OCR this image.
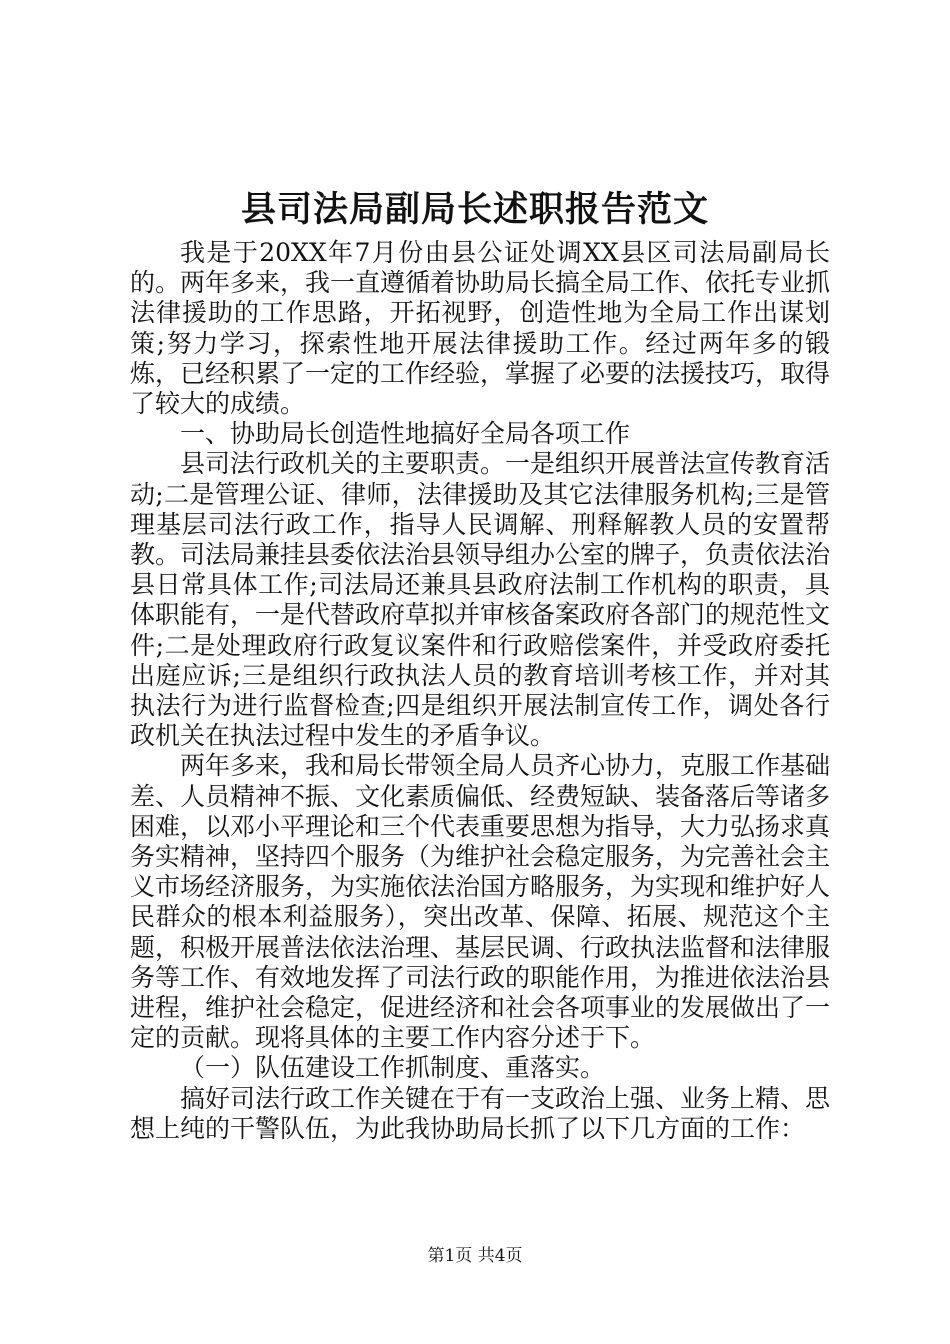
县司法局副局长述职报告范文

我是于20XX年7月份由县公证处调XX县区司法局副局长的。两年多来，我一直遵循着协助局长搞全局工作、依托专业抓法律援助的工作思路，开拓视野，创造性地为全局工作出谋划策;努力学习，探索性地开展法律援助工作。经过两年多的锻炼，已经积累了一定的工作经验，掌握了必要的法援技巧，取得了较大的成绩。

一、协助局长创造性地搞好全局各项工作

县司法行政机关的主要职责。一是组织开展普法宣传教育活动;二是管理公证、律师，法律援助及其它法律服务机构;三是管理基层司法行政工作，指导人民调解、刑释解教人员的安置帮教。司法局兼挂县委依法治县领导组办公室的牌子，负责依法治县日常具体工作;司法局还兼具县政府法制工作机构的职责，具体职能有，一是代替政府草拟并审核备案政府各部门的规范性文件;二是处理政府行政复议案件和行政赔偿案件，并受政府委托出庭应诉;三是组织行政执法人员的教育培训考核工作，并对其执法行为进行监督检查;四是组织开展法制宣传工作，调处各行政机关在执法过程中发生的矛盾争议。

两年多来，我和局长带领全局人员齐心协力，克服工作基础差、人员精神不振、文化素质偏低、经费短缺、装备落后等诸多困难，以邓小平理论和三个代表重要思想为指导，大力弘扬求真务实精神，坚持四个服务（为维护社会稳定服务，为完善社会主义市场经济服务，为实施依法治国方略服务，为实现和维护好人民群众的根本利益服务），突出改革、保障、拓展、规范这个主题，积极开展普法依法治理、基层民调、行政执法监督和法律服务等工作、有效地发挥了司法行政的职能作用，为推进依法治县进程，维护社会稳定，促进经济和社会各项事业的发展做出了一定的贡献。现将具体的主要工作内容分述于下。

（一）队伍建设工作抓制度、重落实。

搞好司法行政工作关键在于有一支政治上强、业务上精、思想上纯的干警队伍，为此我协助局长抓了以下几方面的工作：

第1页 共4页
